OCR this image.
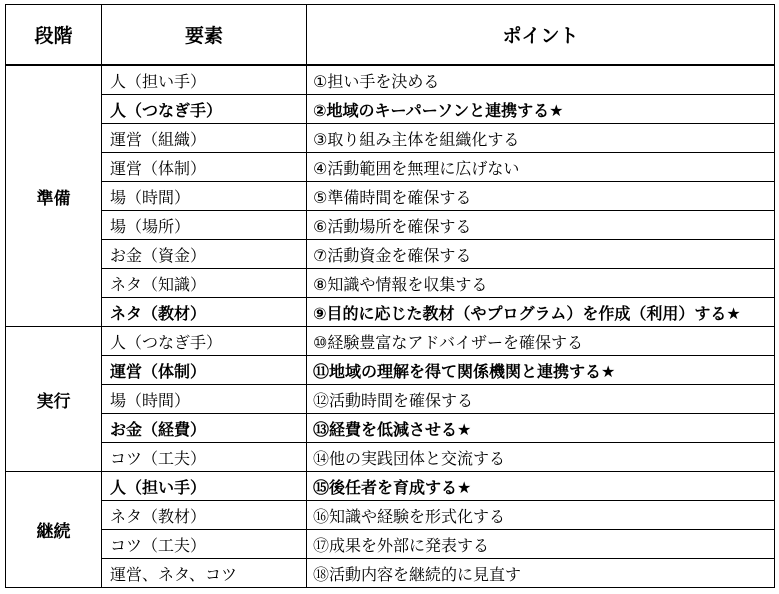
段階	要素	ポイント
準備	人（担い手）	①担い手を決める
	人（つなぎ手）	②地域のキーパーソンと連携する★
	運営（組織）	③取り組み主体を組織化する
	運営（体制）	④活動範囲を無理に広げない
	場（時間）	⑤準備時間を確保する
	場（場所）	⑥活動場所を確保する
	お金（資金）	⑦活動資金を確保する
	ネタ（知識）	⑧知識や情報を収集する
	ネタ（教材）	⑨目的に応じた教材（やプログラム）を作成（利用）する★
実行	人（つなぎ手）	⑩経験豊富なアドバイザーを確保する
	運営（体制）	⑪地域の理解を得て関係機関と連携する★
	場（時間）	⑫活動時間を確保する
	お金（経費）	⑬経費を低減させる★
	コツ（工夫）	⑭他の実践団体と交流する
継続	人（担い手）	⑮後任者を育成する★
	ネタ（教材）	⑯知識や経験を形式化する
	コツ（工夫）	⑰成果を外部に発表する
	運営、ネタ、コツ	⑱活動内容を継続的に見直す
